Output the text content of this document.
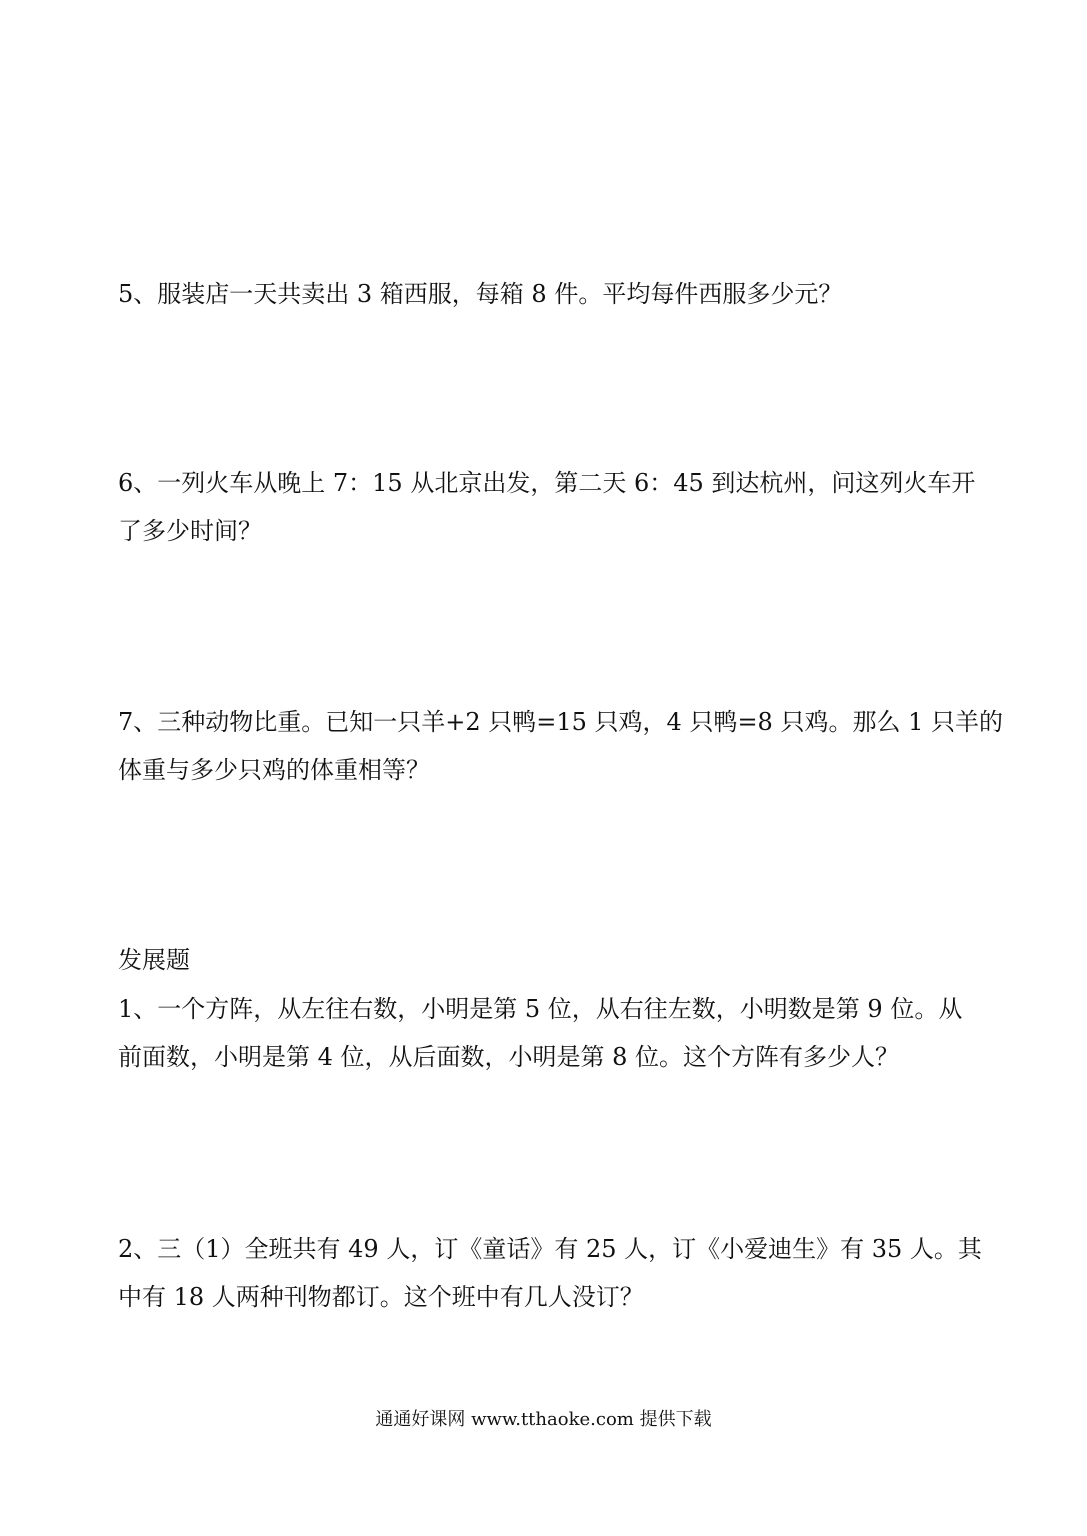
5、服装店一天共卖出 3 箱西服，每箱 8 件。平均每件西服多少元？

6、一列火车从晚上 7：15 从北京出发，第二天 6：45 到达杭州，问这列火车开

了多少时间？

7、三种动物比重。已知一只羊+2 只鸭=15 只鸡，4 只鸭=8 只鸡。那么 1 只羊的

体重与多少只鸡的体重相等？

发展题

1、一个方阵，从左往右数，小明是第 5 位，从右往左数，小明数是第 9 位。从

前面数，小明是第 4 位，从后面数，小明是第 8 位。这个方阵有多少人？

2、三（1）全班共有 49 人，订《童话》有 25 人，订《小爱迪生》有 35 人。其

中有 18 人两种刊物都订。这个班中有几人没订？

通通好课网 www.tthaoke.com 提供下载
